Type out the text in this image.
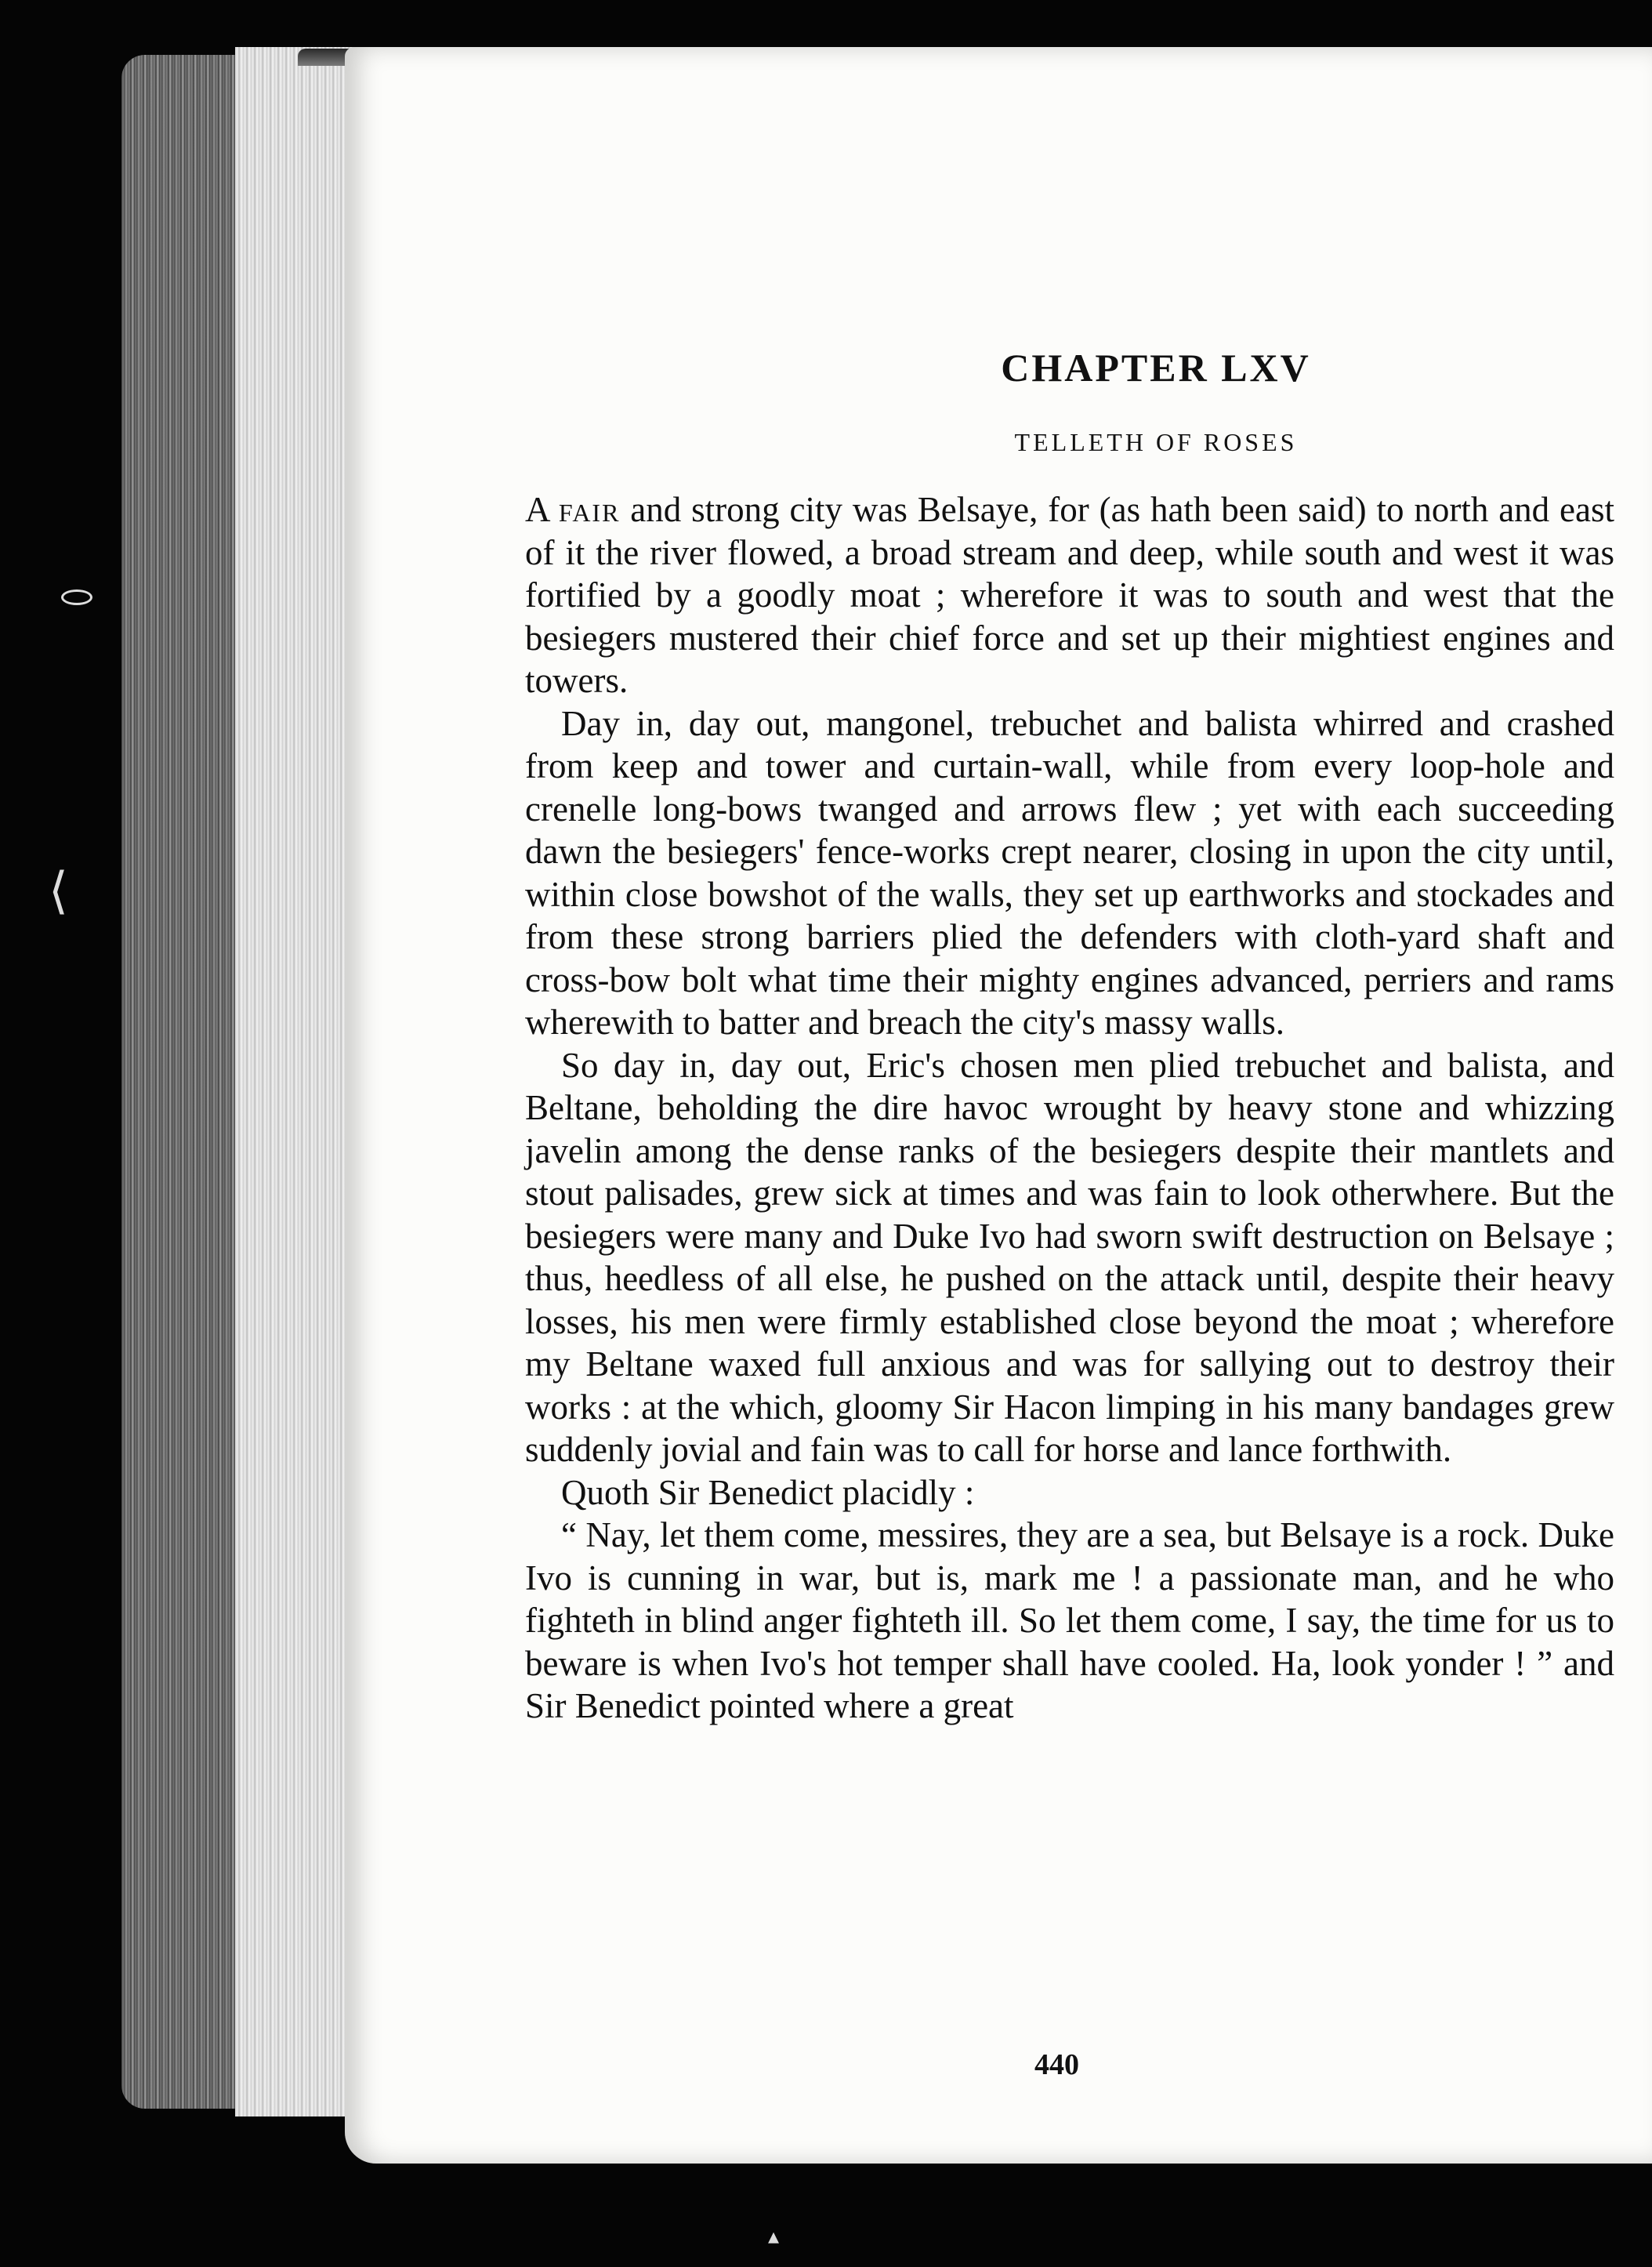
⟨
▴
CHAPTER LXV
TELLETH OF ROSES

A fair and strong city was Belsaye, for (as hath been said) to north and east of it the river flowed, a broad stream and deep, while south and west it was fortified by a goodly moat ; wherefore it was to south and west that the besiegers mustered their chief force and set up their mightiest engines and towers.

Day in, day out, mangonel, trebuchet and balista whirred and crashed from keep and tower and curtain-wall, while from every loop-hole and crenelle long-bows twanged and arrows flew ; yet with each succeeding dawn the besiegers' fence-works crept nearer, closing in upon the city until, within close bowshot of the walls, they set up earthworks and stockades and from these strong barriers plied the defenders with cloth-yard shaft and cross-bow bolt what time their mighty engines advanced, perriers and rams wherewith to batter and breach the city's massy walls.

So day in, day out, Eric's chosen men plied trebuchet and balista, and Beltane, beholding the dire havoc wrought by heavy stone and whizzing javelin among the dense ranks of the besiegers despite their mantlets and stout palisades, grew sick at times and was fain to look otherwhere. But the besiegers were many and Duke Ivo had sworn swift destruction on Belsaye ; thus, heedless of all else, he pushed on the attack until, despite their heavy losses, his men were firmly established close beyond the moat ; wherefore my Beltane waxed full anxious and was for sallying out to destroy their works : at the which, gloomy Sir Hacon limping in his many bandages grew suddenly jovial and fain was to call for horse and lance forthwith.

Quoth Sir Benedict placidly :

“ Nay, let them come, messires, they are a sea, but Belsaye is a rock. Duke Ivo is cunning in war, but is, mark me ! a passionate man, and he who fighteth in blind anger fighteth ill. So let them come, I say, the time for us to beware is when Ivo's hot temper shall have cooled. Ha, look yonder ! ” and Sir Benedict pointed where a great

440
